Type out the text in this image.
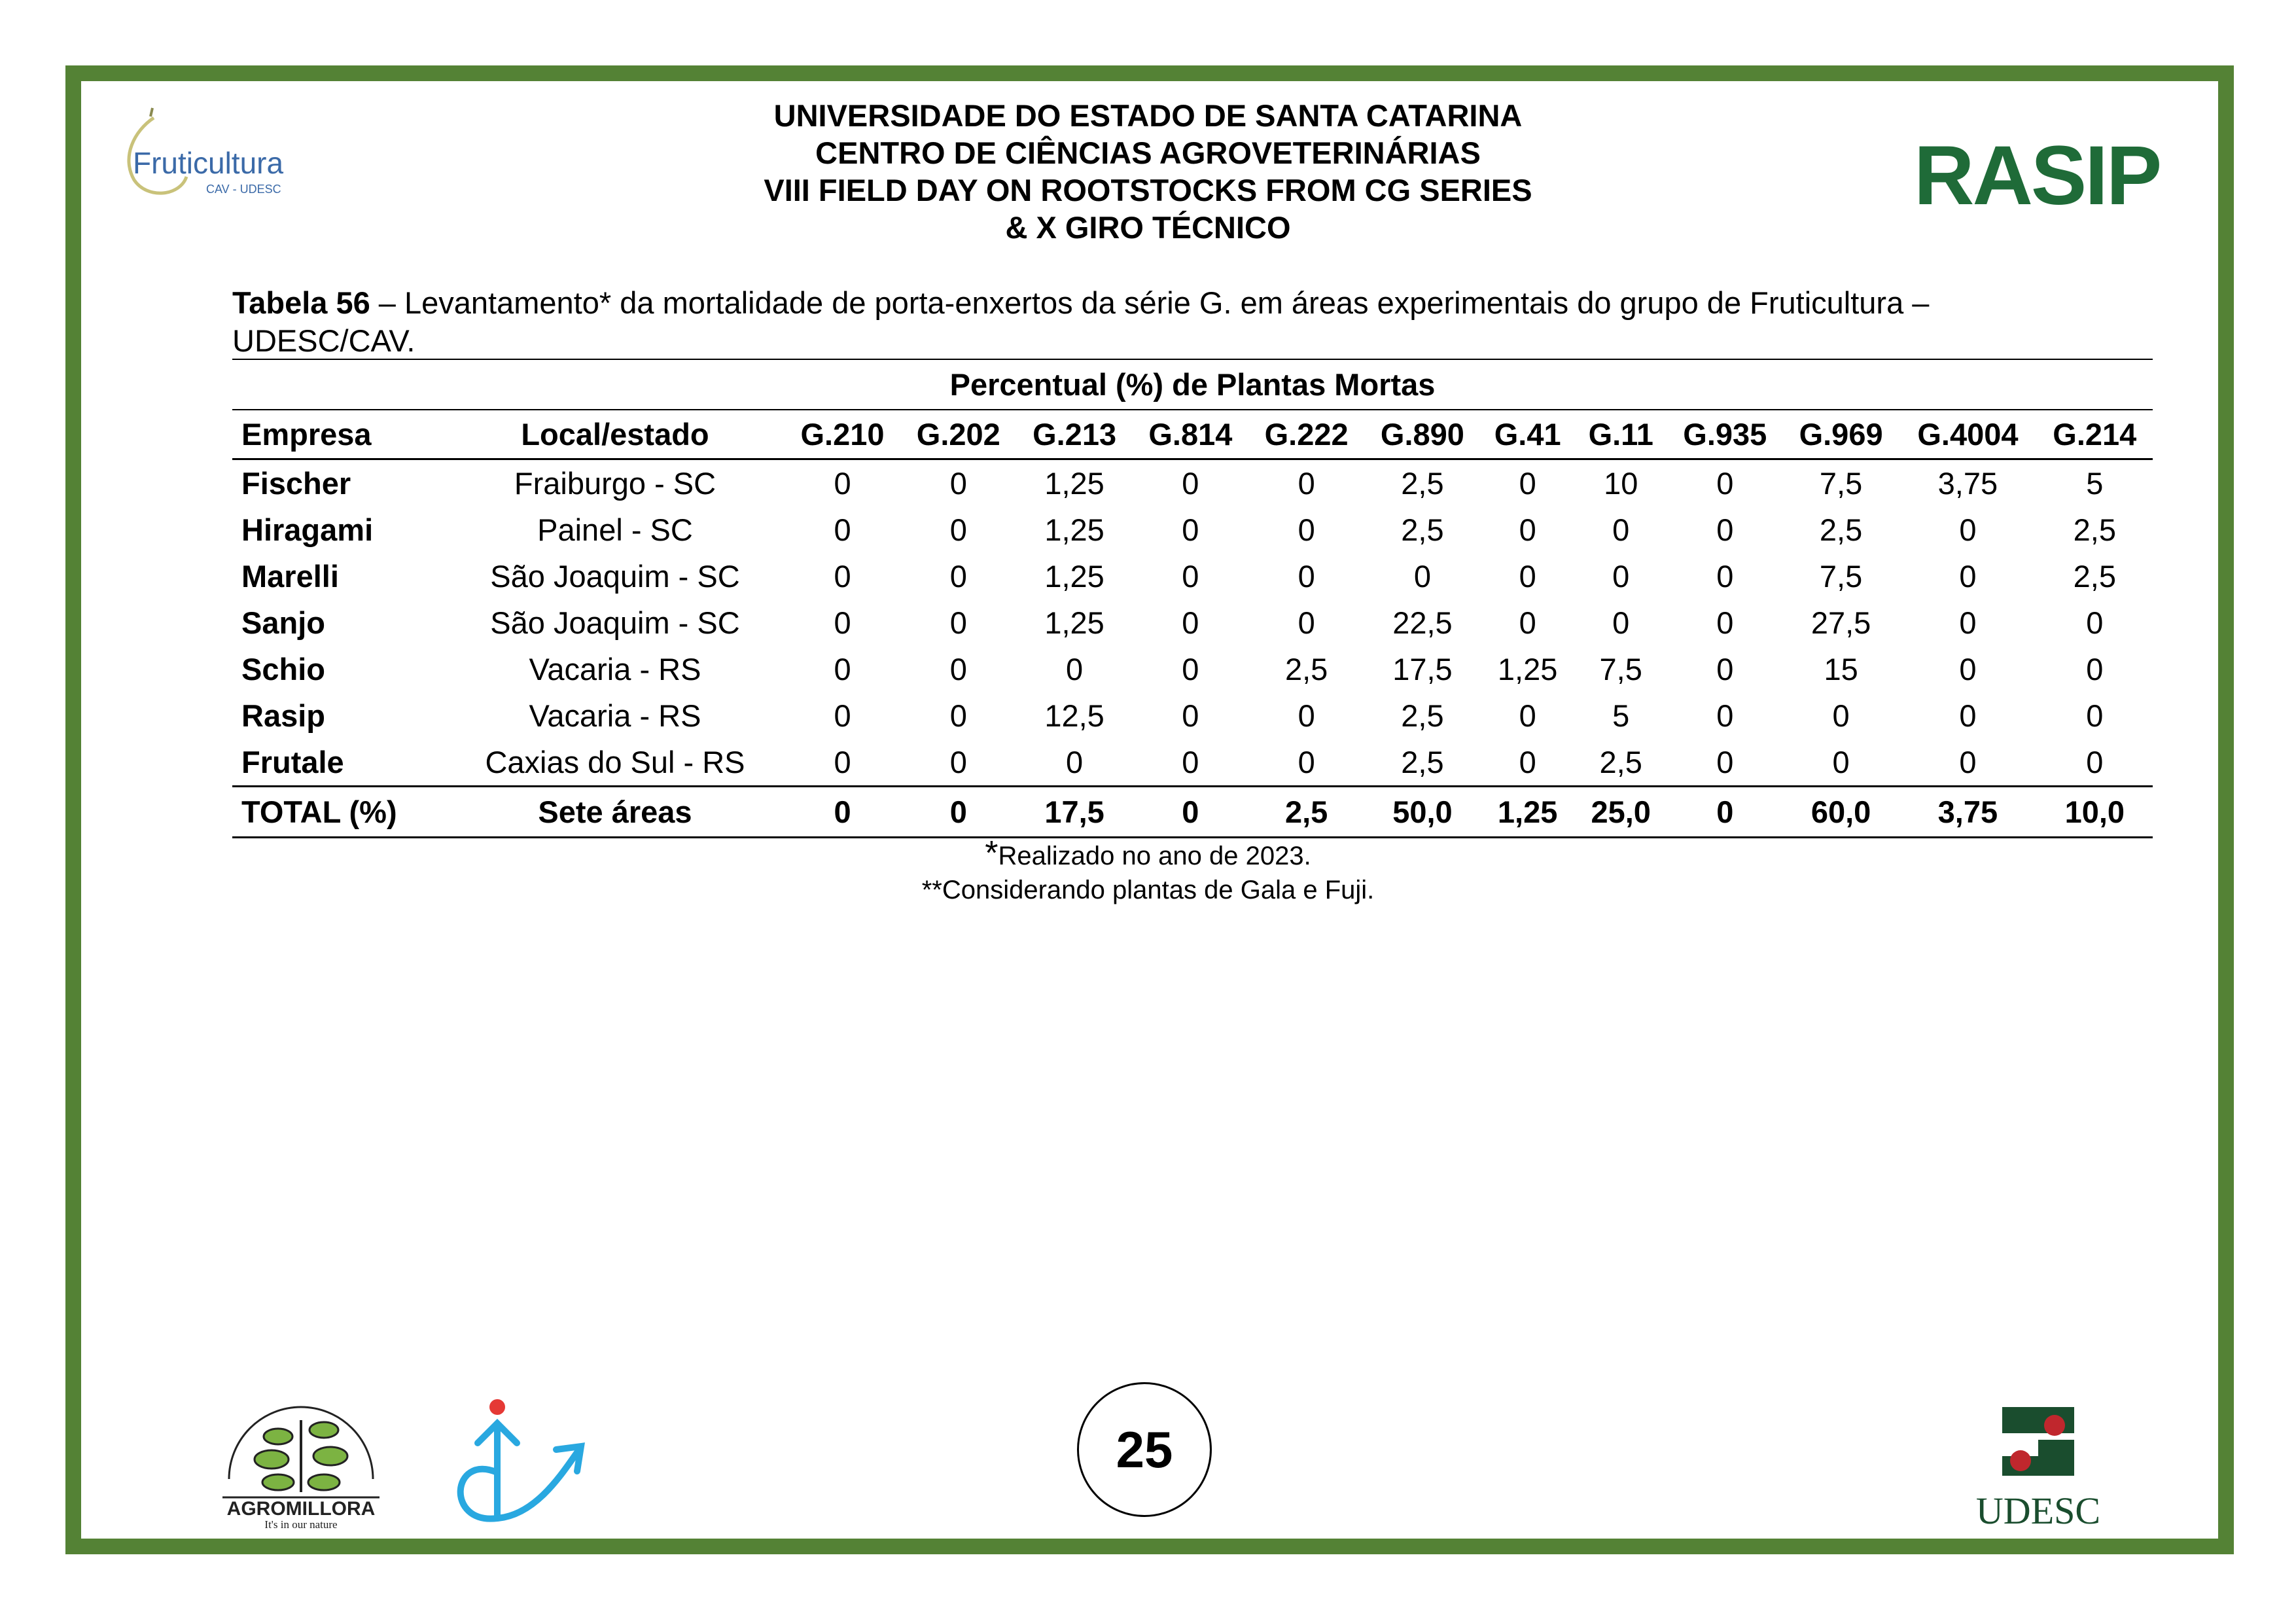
Fruticultura
CAV - UDESC
UNIVERSIDADE DO ESTADO DE SANTA CATARINA
CENTRO DE CIÊNCIAS AGROVETERINÁRIAS
VIII FIELD DAY ON ROOTSTOCKS FROM CG SERIES
& X GIRO TÉCNICO
RASIP
Tabela 56 – Levantamento* da mortalidade de porta-enxertos da série G. em áreas experimentais do grupo de Fruticultura – UDESC/CAV.
Percentual (%) de Plantas Mortas													
Empresa	Local/estado	G.210	G.202	G.213	G.814	G.222	G.890	G.41	G.11	G.935	G.969	G.4004	G.214
Fischer	Fraiburgo - SC	0	0	1,25	0	0	2,5	0	10	0	7,5	3,75	5
Hiragami	Painel - SC	0	0	1,25	0	0	2,5	0	0	0	2,5	0	2,5
Marelli	São Joaquim - SC	0	0	1,25	0	0	0	0	0	0	7,5	0	2,5
Sanjo	São Joaquim - SC	0	0	1,25	0	0	22,5	0	0	0	27,5	0	0
Schio	Vacaria - RS	0	0	0	0	2,5	17,5	1,25	7,5	0	15	0	0
Rasip	Vacaria - RS	0	0	12,5	0	0	2,5	0	5	0	0	0	0
Frutale	Caxias do Sul - RS	0	0	0	0	0	2,5	0	2,5	0	0	0	0
TOTAL (%)	Sete áreas	0	0	17,5	0	2,5	50,0	1,25	25,0	0	60,0	3,75	10,0
*Realizado no ano de 2023.
**Considerando plantas de Gala e Fuji.
AGROMILLORA
It's in our nature
25
UDESC
